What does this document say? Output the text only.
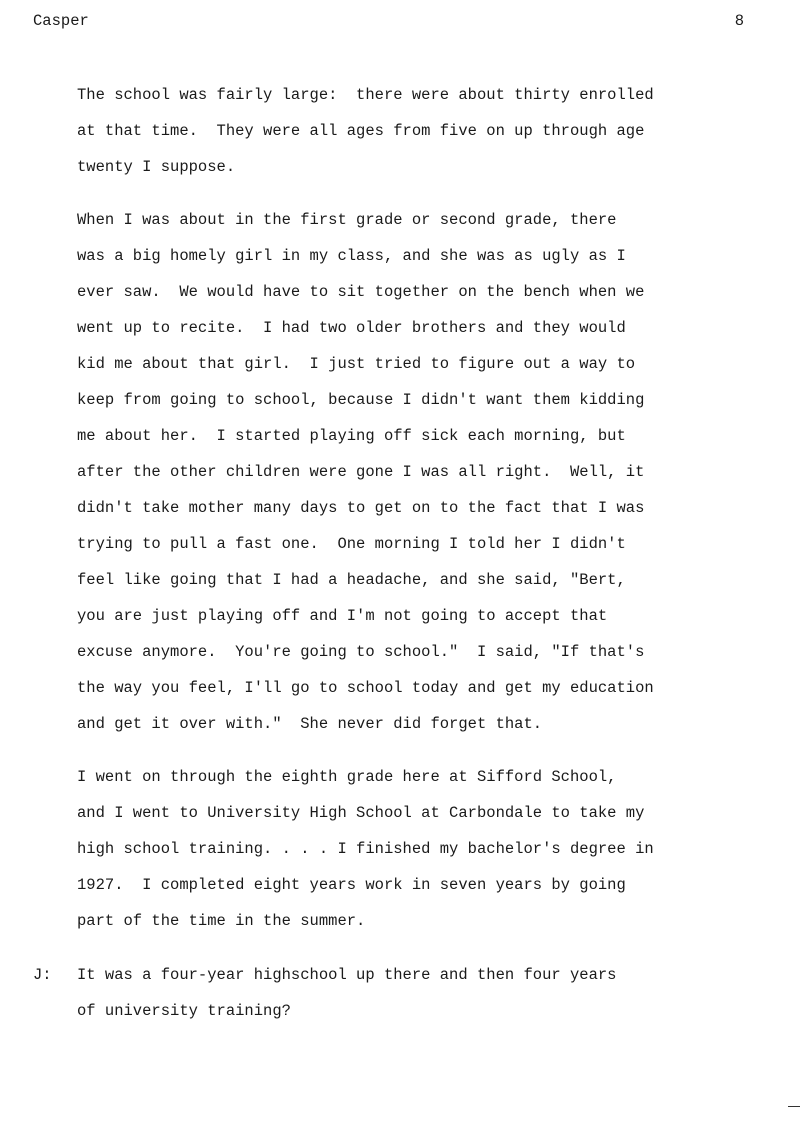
Casper	8

The school was fairly large:  there were about thirty enrolled
at that time.  They were all ages from five on up through age
twenty I suppose.

When I was about in the first grade or second grade, there
was a big homely girl in my class, and she was as ugly as I
ever saw.  We would have to sit together on the bench when we
went up to recite.  I had two older brothers and they would
kid me about that girl.  I just tried to figure out a way to
keep from going to school, because I didn't want them kidding
me about her.  I started playing off sick each morning, but
after the other children were gone I was all right.  Well, it
didn't take mother many days to get on to the fact that I was
trying to pull a fast one.  One morning I told her I didn't
feel like going that I had a headache, and she said, "Bert,
you are just playing off and I'm not going to accept that
excuse anymore.  You're going to school."  I said, "If that's
the way you feel, I'll go to school today and get my education
and get it over with."  She never did forget that.

I went on through the eighth grade here at Sifford School,
and I went to University High School at Carbondale to take my
high school training. . . . I finished my bachelor's degree in
1927.  I completed eight years work in seven years by going
part of the time in the summer.

J: It was a four-year highschool up there and then four years
of university training?
